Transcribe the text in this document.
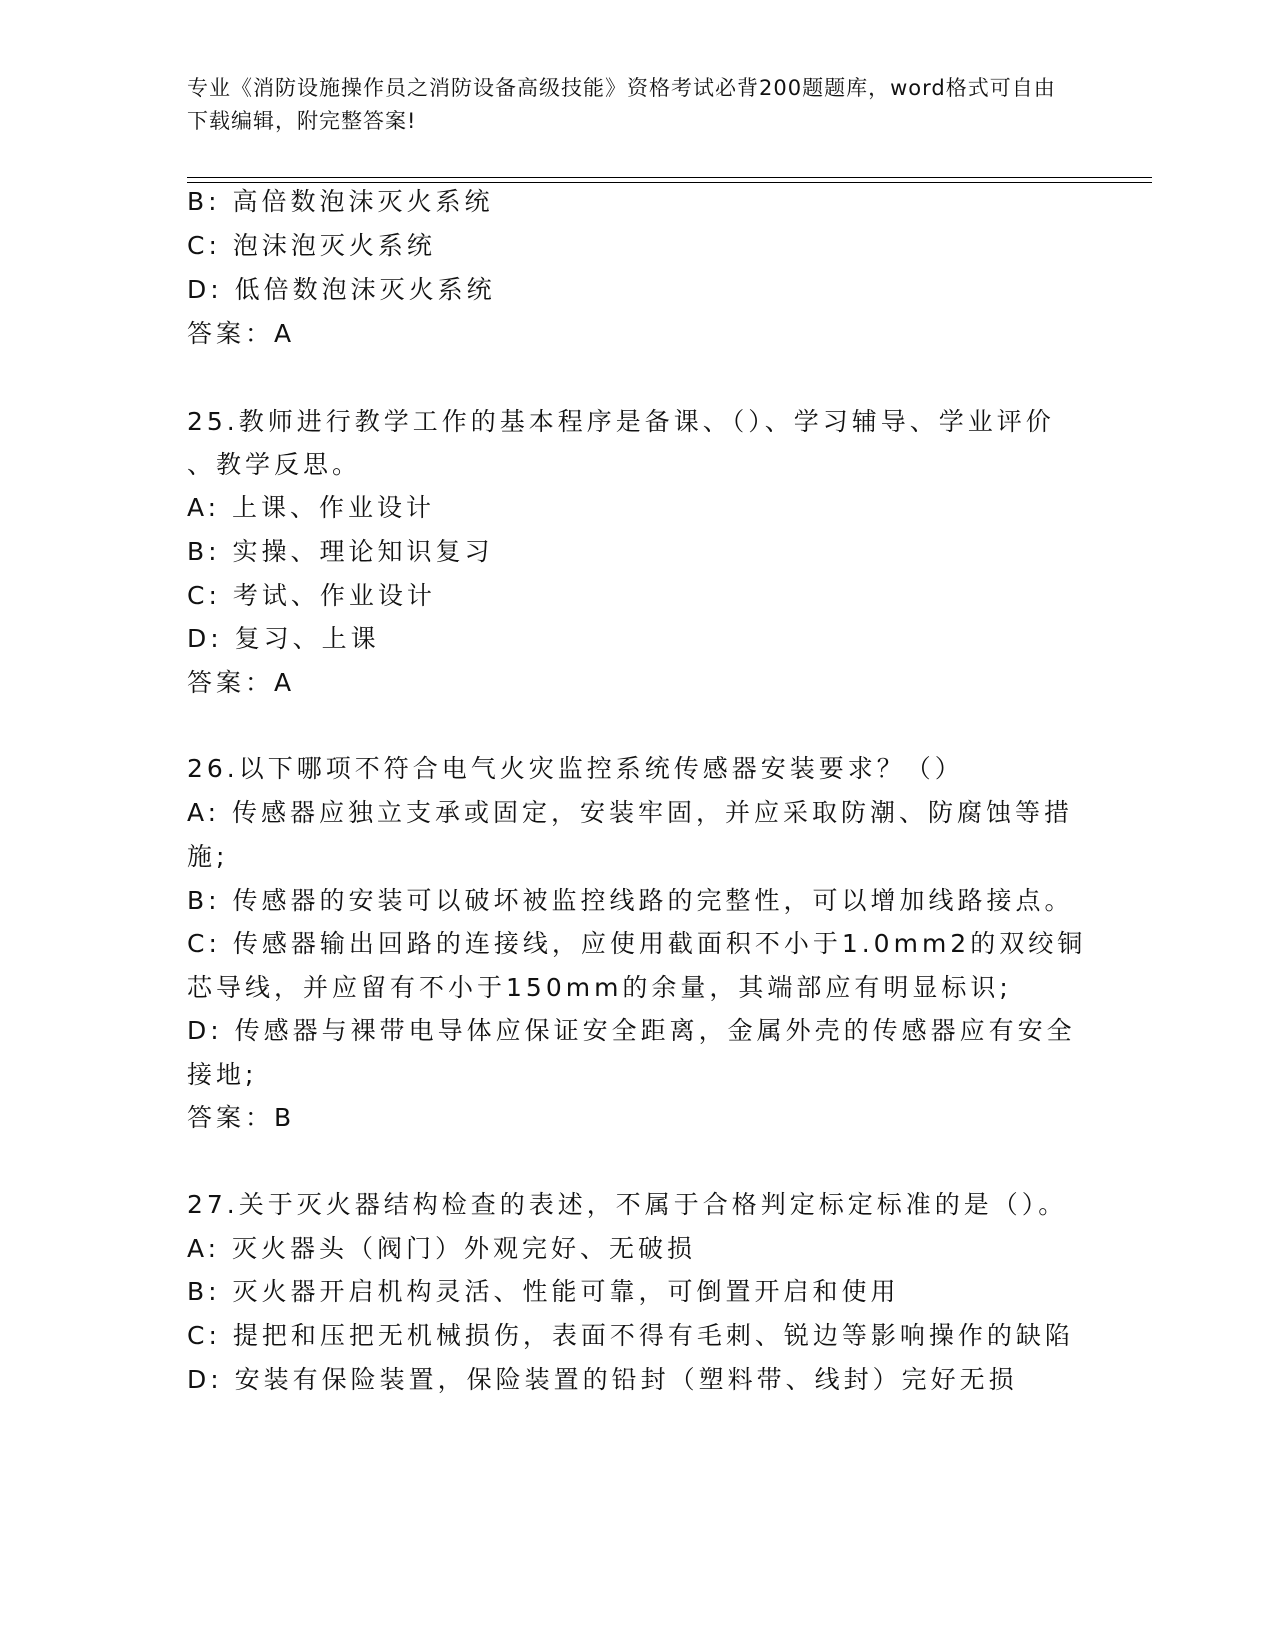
专业《消防设施操作员之消防设备高级技能》资格考试必背200题题库，word格式可自由下载编辑，附完整答案!
B: 高倍数泡沫灭火系统
C: 泡沫泡灭火系统
D: 低倍数泡沫灭火系统
答案：A
25.教师进行教学工作的基本程序是备课、（）、学习辅导、学业评价
、教学反思。
A: 上课、作业设计
B: 实操、理论知识复习
C: 考试、作业设计
D: 复习、上课
答案：A
26.以下哪项不符合电气火灾监控系统传感器安装要求？（）
A: 传感器应独立支承或固定，安装牢固，并应采取防潮、防腐蚀等措
施;
B: 传感器的安装可以破坏被监控线路的完整性，可以增加线路接点。
C: 传感器输出回路的连接线，应使用截面积不小于1.0mm2的双绞铜
芯导线，并应留有不小于150mm的余量，其端部应有明显标识;
D: 传感器与裸带电导体应保证安全距离，金属外壳的传感器应有安全
接地;
答案：B
27.关于灭火器结构检查的表述，不属于合格判定标定标准的是（）。
A: 灭火器头（阀门）外观完好、无破损
B: 灭火器开启机构灵活、性能可靠，可倒置开启和使用
C: 提把和压把无机械损伤，表面不得有毛刺、锐边等影响操作的缺陷
D: 安装有保险装置，保险装置的铅封（塑料带、线封）完好无损
